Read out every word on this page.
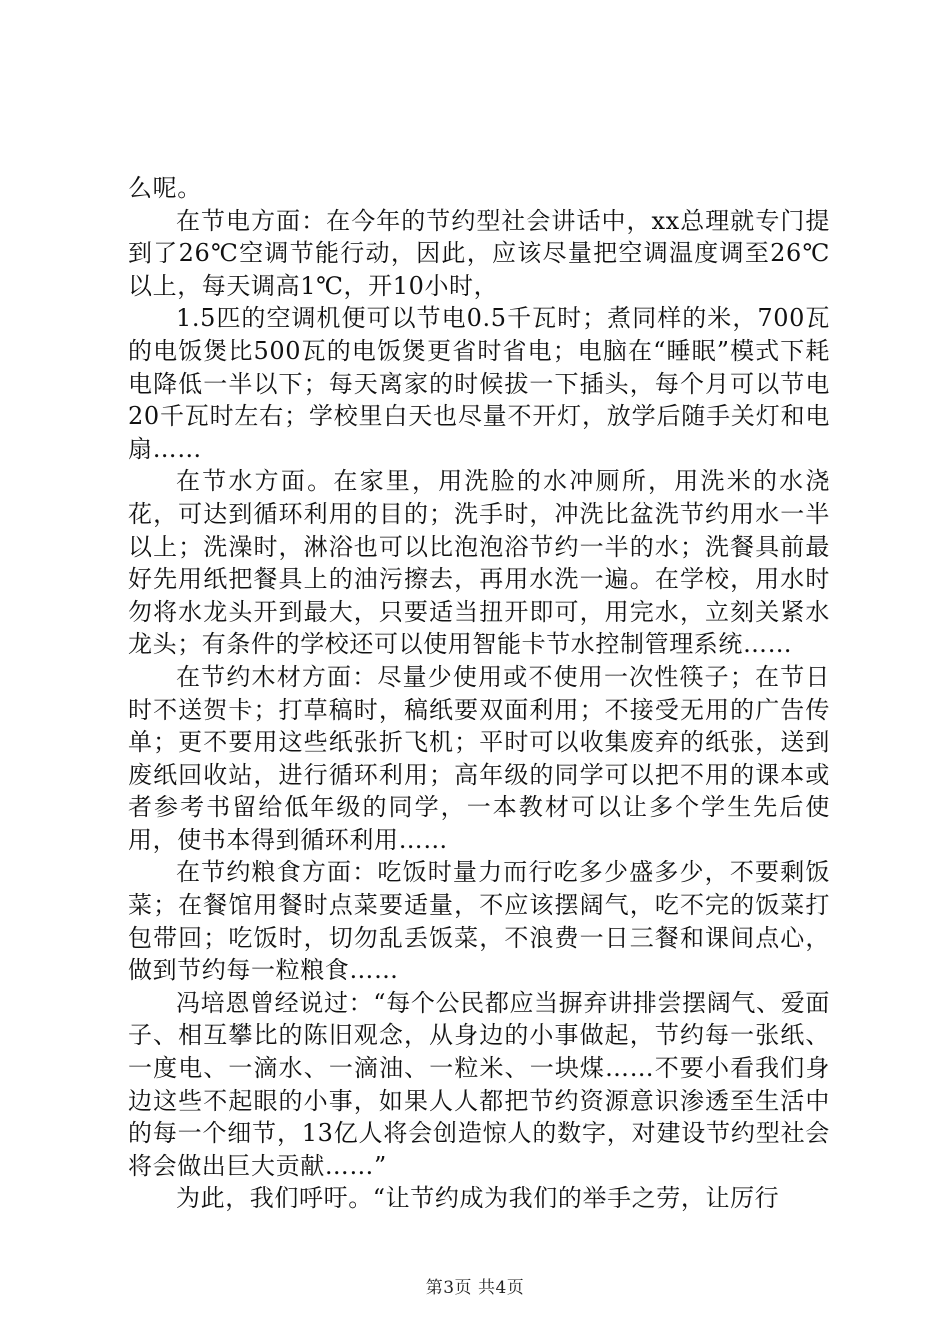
么呢。

在节电方面：在今年的节约型社会讲话中，xx总理就专门提到了26℃空调节能行动，因此，应该尽量把空调温度调至26℃以上，每天调高1℃，开10小时，

1.5匹的空调机便可以节电0.5千瓦时；煮同样的米，700瓦的电饭煲比500瓦的电饭煲更省时省电；电脑在“睡眠”模式下耗电降低一半以下；每天离家的时候拔一下插头，每个月可以节电20千瓦时左右；学校里白天也尽量不开灯，放学后随手关灯和电扇……

在节水方面。在家里，用洗脸的水冲厕所，用洗米的水浇花，可达到循环利用的目的；洗手时，冲洗比盆洗节约用水一半以上；洗澡时，淋浴也可以比泡泡浴节约一半的水；洗餐具前最好先用纸把餐具上的油污擦去，再用水洗一遍。在学校，用水时勿将水龙头开到最大，只要适当扭开即可，用完水，立刻关紧水龙头；有条件的学校还可以使用智能卡节水控制管理系统……

在节约木材方面：尽量少使用或不使用一次性筷子；在节日时不送贺卡；打草稿时，稿纸要双面利用；不接受无用的广告传单；更不要用这些纸张折飞机；平时可以收集废弃的纸张，送到废纸回收站，进行循环利用；高年级的同学可以把不用的课本或者参考书留给低年级的同学，一本教材可以让多个学生先后使用，使书本得到循环利用……

在节约粮食方面：吃饭时量力而行吃多少盛多少，不要剩饭菜；在餐馆用餐时点菜要适量，不应该摆阔气，吃不完的饭菜打包带回；吃饭时，切勿乱丢饭菜，不浪费一日三餐和课间点心，做到节约每一粒粮食……

冯培恩曾经说过：“每个公民都应当摒弃讲排尝摆阔气、爱面子、相互攀比的陈旧观念，从身边的小事做起，节约每一张纸、一度电、一滴水、一滴油、一粒米、一块煤……不要小看我们身边这些不起眼的小事，如果人人都把节约资源意识渗透至生活中的每一个细节，13亿人将会创造惊人的数字，对建设节约型社会将会做出巨大贡献……”

为此，我们呼吁。“让节约成为我们的举手之劳，让厉行

第3页 共4页
